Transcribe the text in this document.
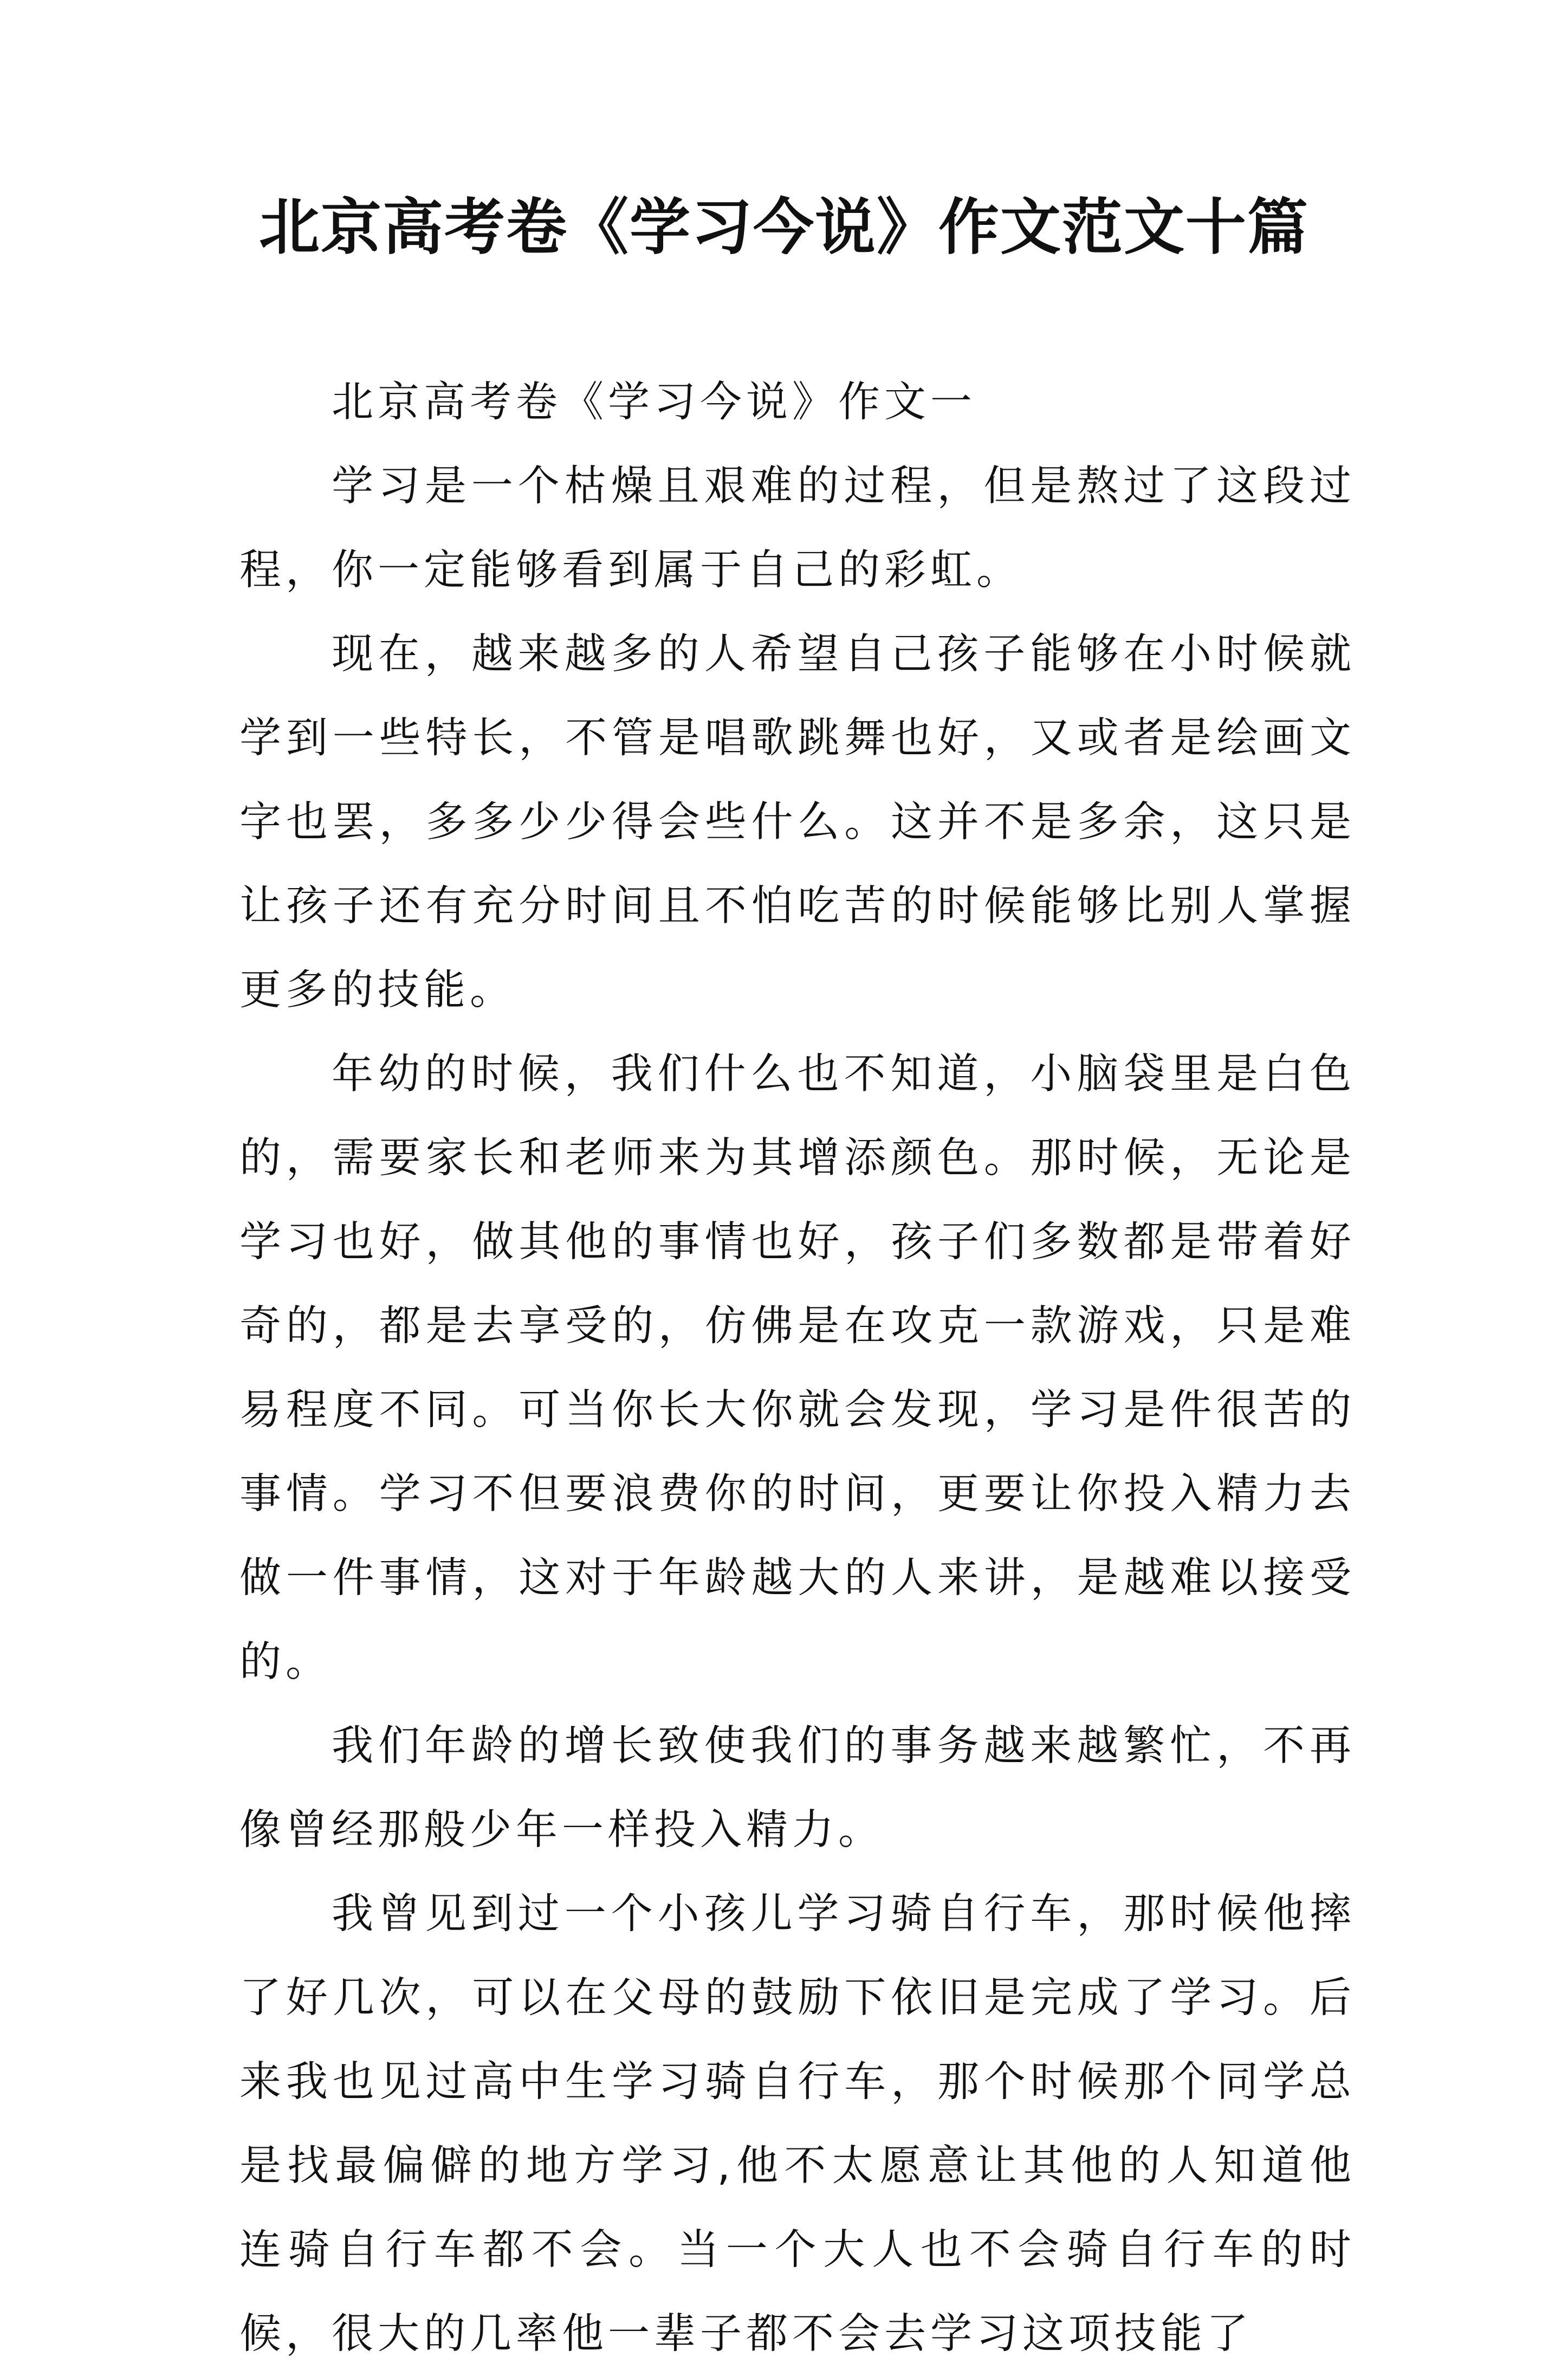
北京高考卷《学习今说》作文范文十篇

北京高考卷《学习今说》作文一

学习是一个枯燥且艰难的过程，但是熬过了这段过程，你一定能够看到属于自己的彩虹。

现在，越来越多的人希望自己孩子能够在小时候就学到一些特长，不管是唱歌跳舞也好，又或者是绘画文字也罢，多多少少得会些什么。这并不是多余，这只是让孩子还有充分时间且不怕吃苦的时候能够比别人掌握更多的技能。

年幼的时候，我们什么也不知道，小脑袋里是白色的，需要家长和老师来为其增添颜色。那时候，无论是学习也好，做其他的事情也好，孩子们多数都是带着好奇的，都是去享受的，仿佛是在攻克一款游戏，只是难易程度不同。可当你长大你就会发现，学习是件很苦的事情。学习不但要浪费你的时间，更要让你投入精力去做一件事情，这对于年龄越大的人来讲，是越难以接受的。

我们年龄的增长致使我们的事务越来越繁忙，不再像曾经那般少年一样投入精力。

我曾见到过一个小孩儿学习骑自行车，那时候他摔了好几次，可以在父母的鼓励下依旧是完成了学习。后来我也见过高中生学习骑自行车，那个时候那个同学总是找最偏僻的地方学习,他不太愿意让其他的人知道他连骑自行车都不会。当一个大人也不会骑自行车的时候，很大的几率他一辈子都不会去学习这项技能了
